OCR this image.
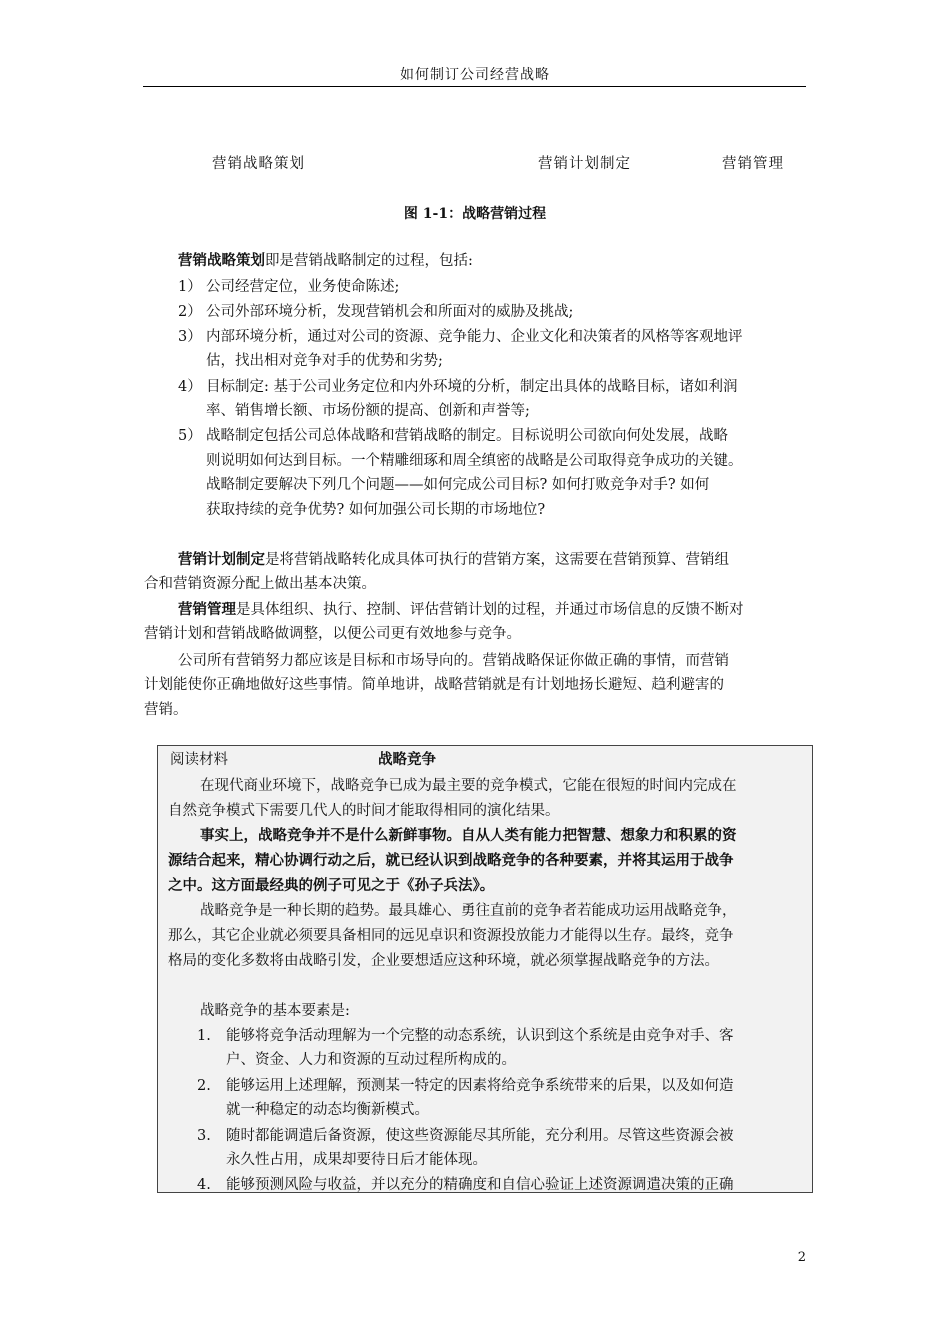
如何制订公司经营战略
营销战略策划	营销计划制定	营销管理
图 1-1：战略营销过程
营销战略策划即是营销战略制定的过程，包括:
1） 公司经营定位，业务使命陈述;
2） 公司外部环境分析，发现营销机会和所面对的威胁及挑战;
3） 内部环境分析，通过对公司的资源、竞争能力、企业文化和决策者的风格等客观地评
估，找出相对竞争对手的优势和劣势;
4） 目标制定: 基于公司业务定位和内外环境的分析，制定出具体的战略目标，诸如利润
率、销售增长额、市场份额的提高、创新和声誉等;
5） 战略制定包括公司总体战略和营销战略的制定。目标说明公司欲向何处发展，战略
则说明如何达到目标。一个精雕细琢和周全缜密的战略是公司取得竞争成功的关键。
战略制定要解决下列几个问题——如何完成公司目标? 如何打败竞争对手? 如何
获取持续的竞争优势? 如何加强公司长期的市场地位?
营销计划制定是将营销战略转化成具体可执行的营销方案，这需要在营销预算、营销组
合和营销资源分配上做出基本决策。
营销管理是具体组织、执行、控制、评估营销计划的过程，并通过市场信息的反馈不断对
营销计划和营销战略做调整，以便公司更有效地参与竞争。
公司所有营销努力都应该是目标和市场导向的。营销战略保证你做正确的事情，而营销
计划能使你正确地做好这些事情。简单地讲，战略营销就是有计划地扬长避短、趋利避害的
营销。
阅读材料	战略竞争
在现代商业环境下，战略竞争已成为最主要的竞争模式，它能在很短的时间内完成在
自然竞争模式下需要几代人的时间才能取得相同的演化结果。
事实上，战略竞争并不是什么新鲜事物。自从人类有能力把智慧、想象力和积累的资
源结合起来，精心协调行动之后，就已经认识到战略竞争的各种要素，并将其运用于战争
之中。这方面最经典的例子可见之于《孙子兵法》。
战略竞争是一种长期的趋势。最具雄心、勇往直前的竞争者若能成功运用战略竞争，
那么，其它企业就必须要具备相同的远见卓识和资源投放能力才能得以生存。最终，竞争
格局的变化多数将由战略引发，企业要想适应这种环境，就必须掌握战略竞争的方法。
战略竞争的基本要素是:
1. 能够将竞争活动理解为一个完整的动态系统，认识到这个系统是由竞争对手、客
户、资金、人力和资源的互动过程所构成的。
2. 能够运用上述理解，预测某一特定的因素将给竞争系统带来的后果，以及如何造
就一种稳定的动态均衡新模式。
3. 随时都能调遣后备资源，使这些资源能尽其所能，充分利用。尽管这些资源会被
永久性占用，成果却要待日后才能体现。
4. 能够预测风险与收益，并以充分的精确度和自信心验证上述资源调遣决策的正确
2
